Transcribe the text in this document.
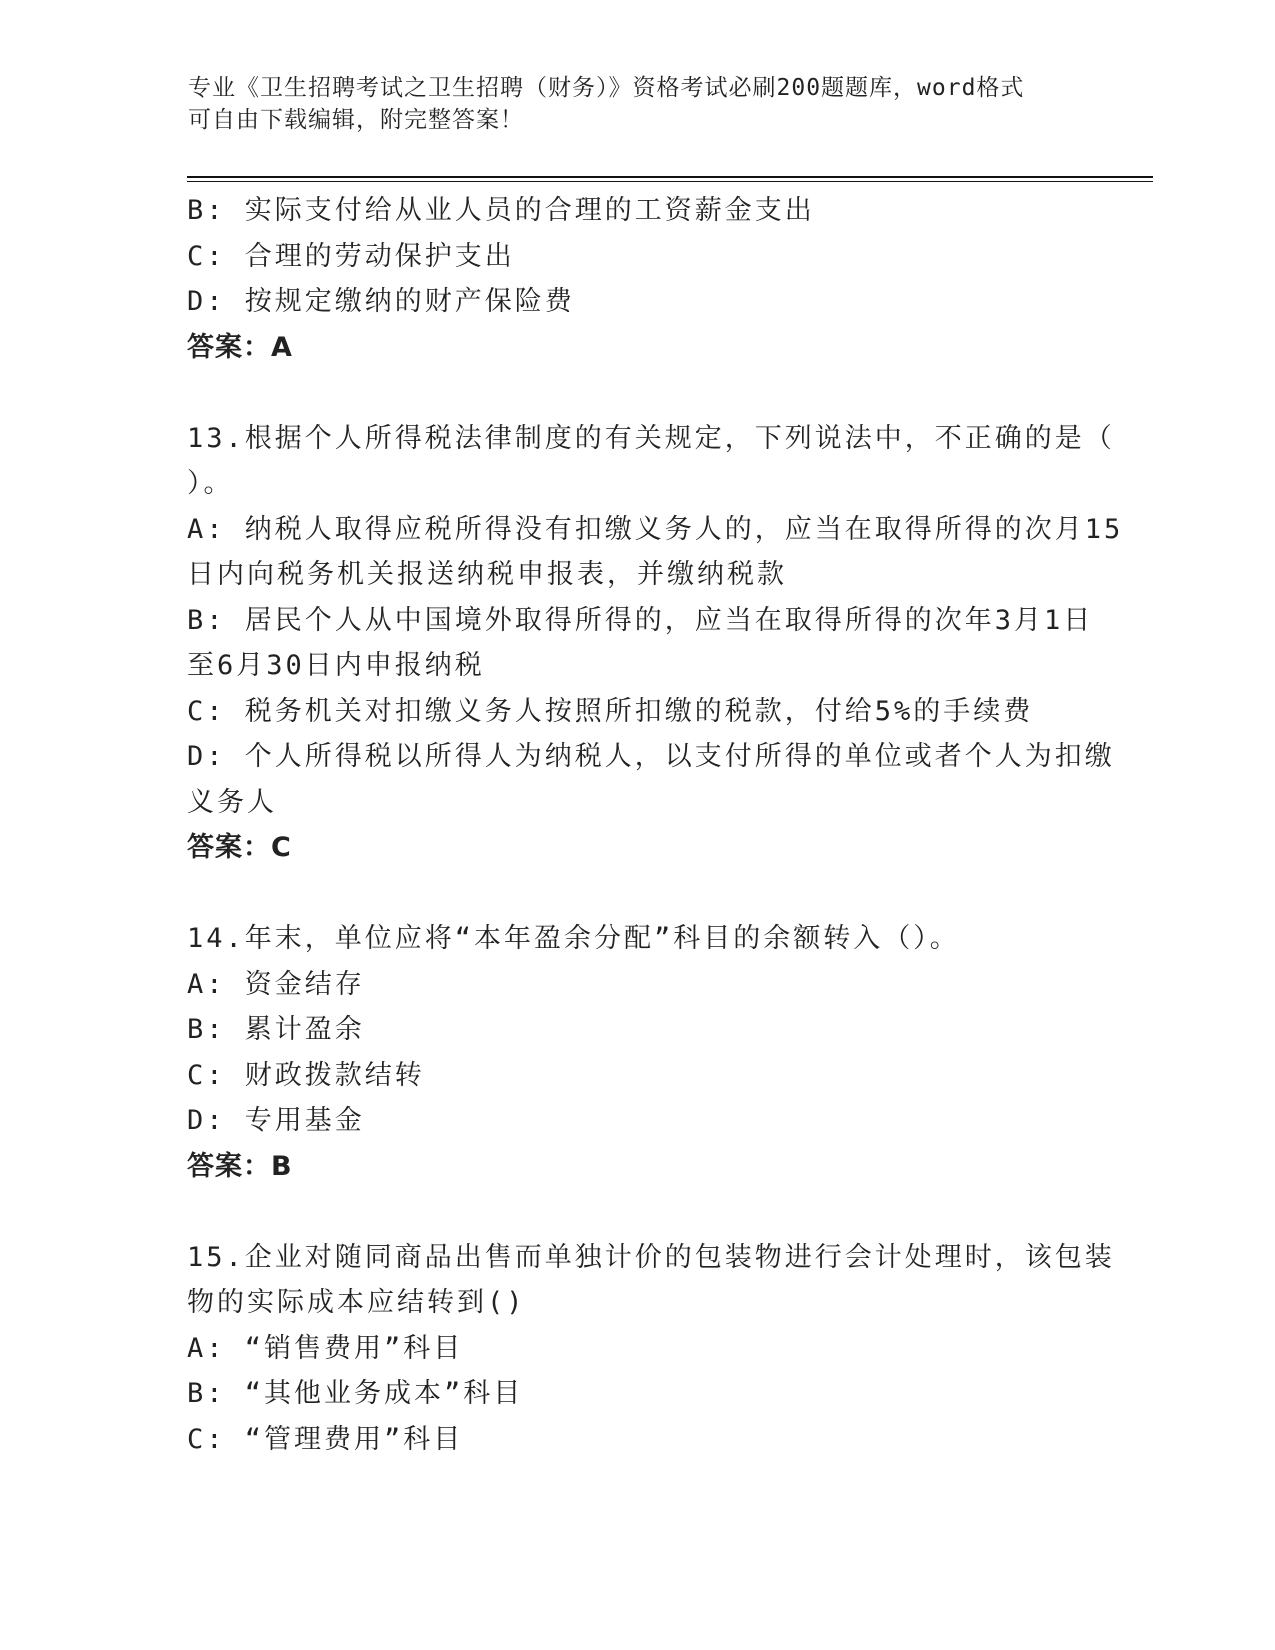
专业《卫生招聘考试之卫生招聘（财务）》资格考试必刷200题题库，word格式
可自由下载编辑，附完整答案！
B: 实际支付给从业人员的合理的工资薪金支出
C: 合理的劳动保护支出
D: 按规定缴纳的财产保险费
答案：A
13.根据个人所得税法律制度的有关规定，下列说法中，不正确的是（
）。
A: 纳税人取得应税所得没有扣缴义务人的，应当在取得所得的次月15
日内向税务机关报送纳税申报表，并缴纳税款
B: 居民个人从中国境外取得所得的，应当在取得所得的次年3月1日
至6月30日内申报纳税
C: 税务机关对扣缴义务人按照所扣缴的税款，付给5%的手续费
D: 个人所得税以所得人为纳税人，以支付所得的单位或者个人为扣缴
义务人
答案：C
14.年末，单位应将“本年盈余分配”科目的余额转入（）。
A: 资金结存
B: 累计盈余
C: 财政拨款结转
D: 专用基金
答案：B
15.企业对随同商品出售而单独计价的包装物进行会计处理时，该包装
物的实际成本应结转到()
A: “销售费用”科目
B: “其他业务成本”科目
C: “管理费用”科目
